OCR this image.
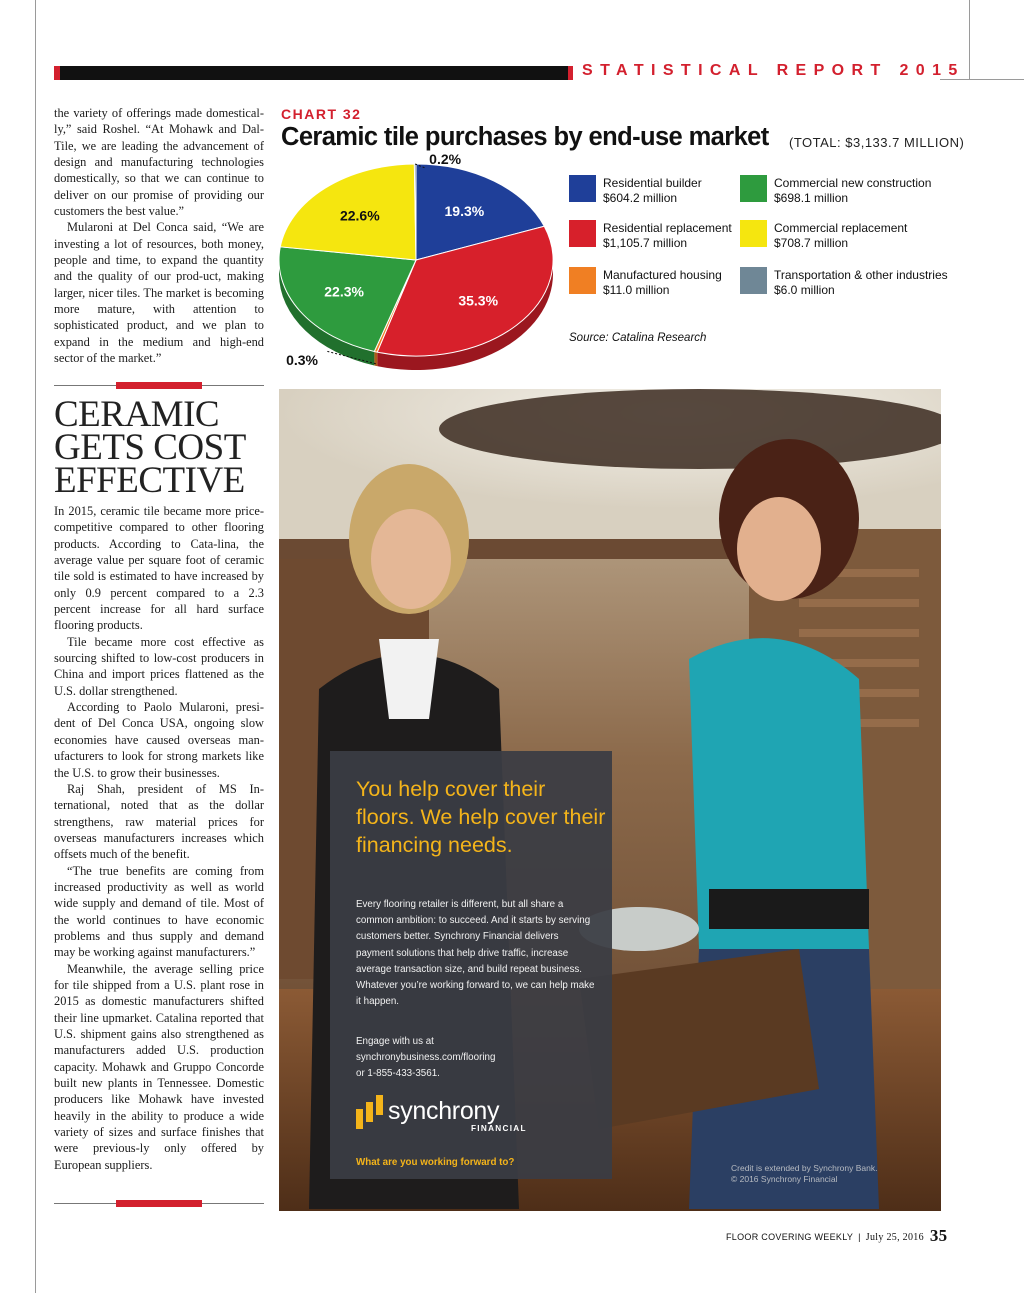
STATISTICAL REPORT 2015

the variety of offerings made domestical-ly,” said Roshel. “At Mohawk and Dal-Tile, we are leading the advancement of design and manufacturing technologies domestically, so that we can continue to deliver on our promise of providing our customers the best value.”

Mularoni at Del Conca said, “We are investing a lot of resources, both money, people and time, to expand the quantity and the quality of our prod-uct, making larger, nicer tiles. The market is becoming more mature, with attention to sophisticated product, and we plan to expand in the medium and high-end sector of the market.”

CERAMIC
GETS COST
EFFECTIVE

In 2015, ceramic tile became more price-competitive compared to other flooring products. According to Cata-lina, the average value per square foot of ceramic tile sold is estimated to have increased by only 0.9 percent compared to a 2.3 percent increase for all hard surface flooring products.

Tile became more cost effective as sourcing shifted to low-cost producers in China and import prices flattened as the U.S. dollar strengthened.

According to Paolo Mularoni, presi-dent of Del Conca USA, ongoing slow economies have caused overseas man-ufacturers to look for strong markets like the U.S. to grow their businesses.

Raj Shah, president of MS In-ternational, noted that as the dollar strengthens, raw material prices for overseas manufacturers increases which offsets much of the benefit.

“The true benefits are coming from increased productivity as well as world wide supply and demand of tile. Most of the world continues to have economic problems and thus supply and demand may be working against manufacturers.”

Meanwhile, the average selling price for tile shipped from a U.S. plant rose in 2015 as domestic manufacturers shifted their line upmarket. Catalina reported that U.S. shipment gains also strengthened as manufacturers added U.S. production capacity. Mohawk and Gruppo Concorde built new plants in Tennessee. Domestic producers like Mohawk have invested heavily in the ability to produce a wide variety of sizes and surface finishes that were previous-ly only offered by European suppliers.

CHART 32
Ceramic tile purchases by end-use market (TOTAL: $3,133.7 MILLION)
19.3%
35.3%
0.3%
22.3%
22.6%
0.2%
Residential builder
$604.2 million
Residential replacement
$1,105.7 million
Manufactured housing
$11.0 million
Commercial new construction
$698.1 million
Commercial replacement
$708.7 million
Transportation & other industries
$6.0 million
Source: Catalina Research
You help cover their floors. We help cover their financing needs.
Every flooring retailer is different, but all share a common ambition: to succeed. And it starts by serving customers better. Synchrony Financial delivers payment solutions that help drive traffic, increase average transaction size, and build repeat business. Whatever you’re working forward to, we can help make it happen.
Engage with us at
synchronybusiness.com/flooring
or 1-855-433-3561.
synchrony
FINANCIAL
What are you working forward to?	Credit is extended by Synchrony Bank.
© 2016 Synchrony Financial
FLOOR COVERING WEEKLY | July 25, 2016 35
